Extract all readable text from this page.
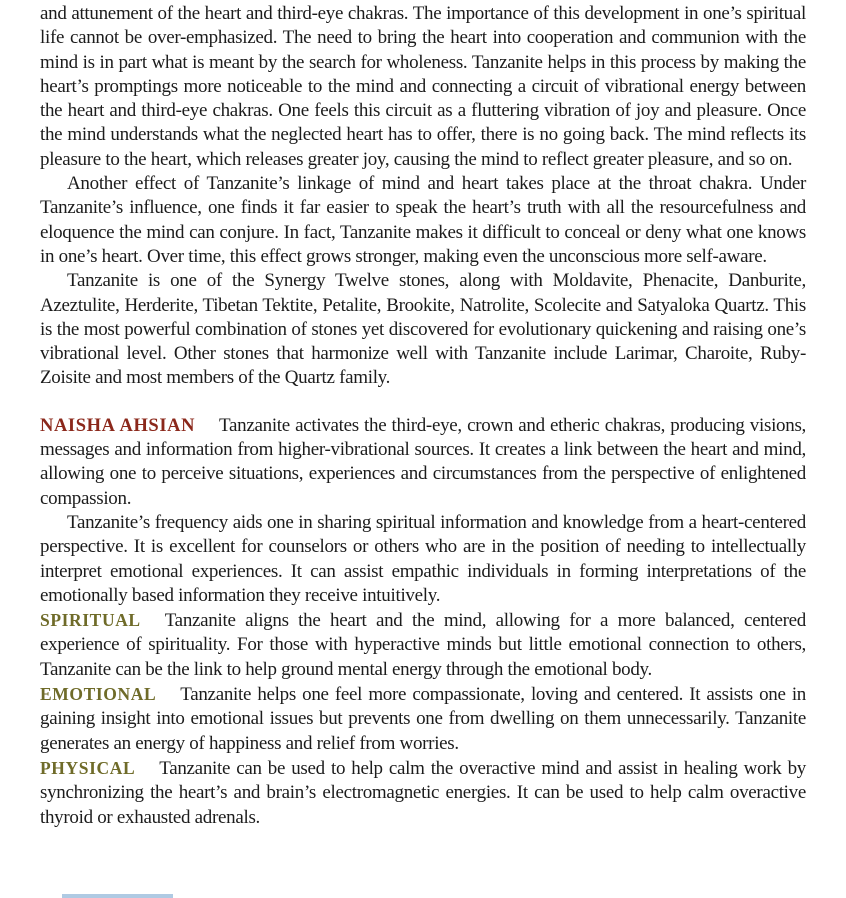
and attunement of the heart and third-eye chakras. The importance of this development in one’s spiritual life cannot be over-emphasized. The need to bring the heart into cooperation and communion with the mind is in part what is meant by the search for wholeness. Tanzanite helps in this process by making the heart’s promptings more noticeable to the mind and connecting a circuit of vibrational energy between the heart and third-eye chakras. One feels this circuit as a fluttering vibration of joy and pleasure. Once the mind understands what the neglected heart has to offer, there is no going back. The mind reflects its pleasure to the heart, which releases greater joy, causing the mind to reflect greater pleasure, and so on.

Another effect of Tanzanite’s linkage of mind and heart takes place at the throat chakra. Under Tanzanite’s influence, one finds it far easier to speak the heart’s truth with all the resourcefulness and eloquence the mind can conjure. In fact, Tanzanite makes it difficult to conceal or deny what one knows in one’s heart. Over time, this effect grows stronger, making even the unconscious more self-aware.

Tanzanite is one of the Synergy Twelve stones, along with Moldavite, Phenacite, Danburite, Azeztulite, Herderite, Tibetan Tektite, Petalite, Brookite, Natrolite, Scolecite and Satyaloka Quartz. This is the most powerful combination of stones yet discovered for evolutionary quickening and raising one’s vibrational level. Other stones that harmonize well with Tanzanite include Larimar, Charoite, Ruby-Zoisite and most members of the Quartz family.

NAISHA AHSIAN Tanzanite activates the third-eye, crown and etheric chakras, producing visions, messages and information from higher-vibrational sources. It creates a link between the heart and mind, allowing one to perceive situations, experiences and circumstances from the perspective of enlightened compassion.

Tanzanite’s frequency aids one in sharing spiritual information and knowledge from a heart-centered perspective. It is excellent for counselors or others who are in the position of needing to intellectually interpret emotional experiences. It can assist empathic individuals in forming interpretations of the emotionally based information they receive intuitively.

SPIRITUAL Tanzanite aligns the heart and the mind, allowing for a more balanced, centered experience of spirituality. For those with hyperactive minds but little emotional connection to others, Tanzanite can be the link to help ground mental energy through the emotional body.

EMOTIONAL Tanzanite helps one feel more compassionate, loving and centered. It assists one in gaining insight into emotional issues but prevents one from dwelling on them unnecessarily. Tanzanite generates an energy of happiness and relief from worries.

PHYSICAL Tanzanite can be used to help calm the overactive mind and assist in healing work by synchronizing the heart’s and brain’s electromagnetic energies. It can be used to help calm overactive thyroid or exhausted adrenals.
